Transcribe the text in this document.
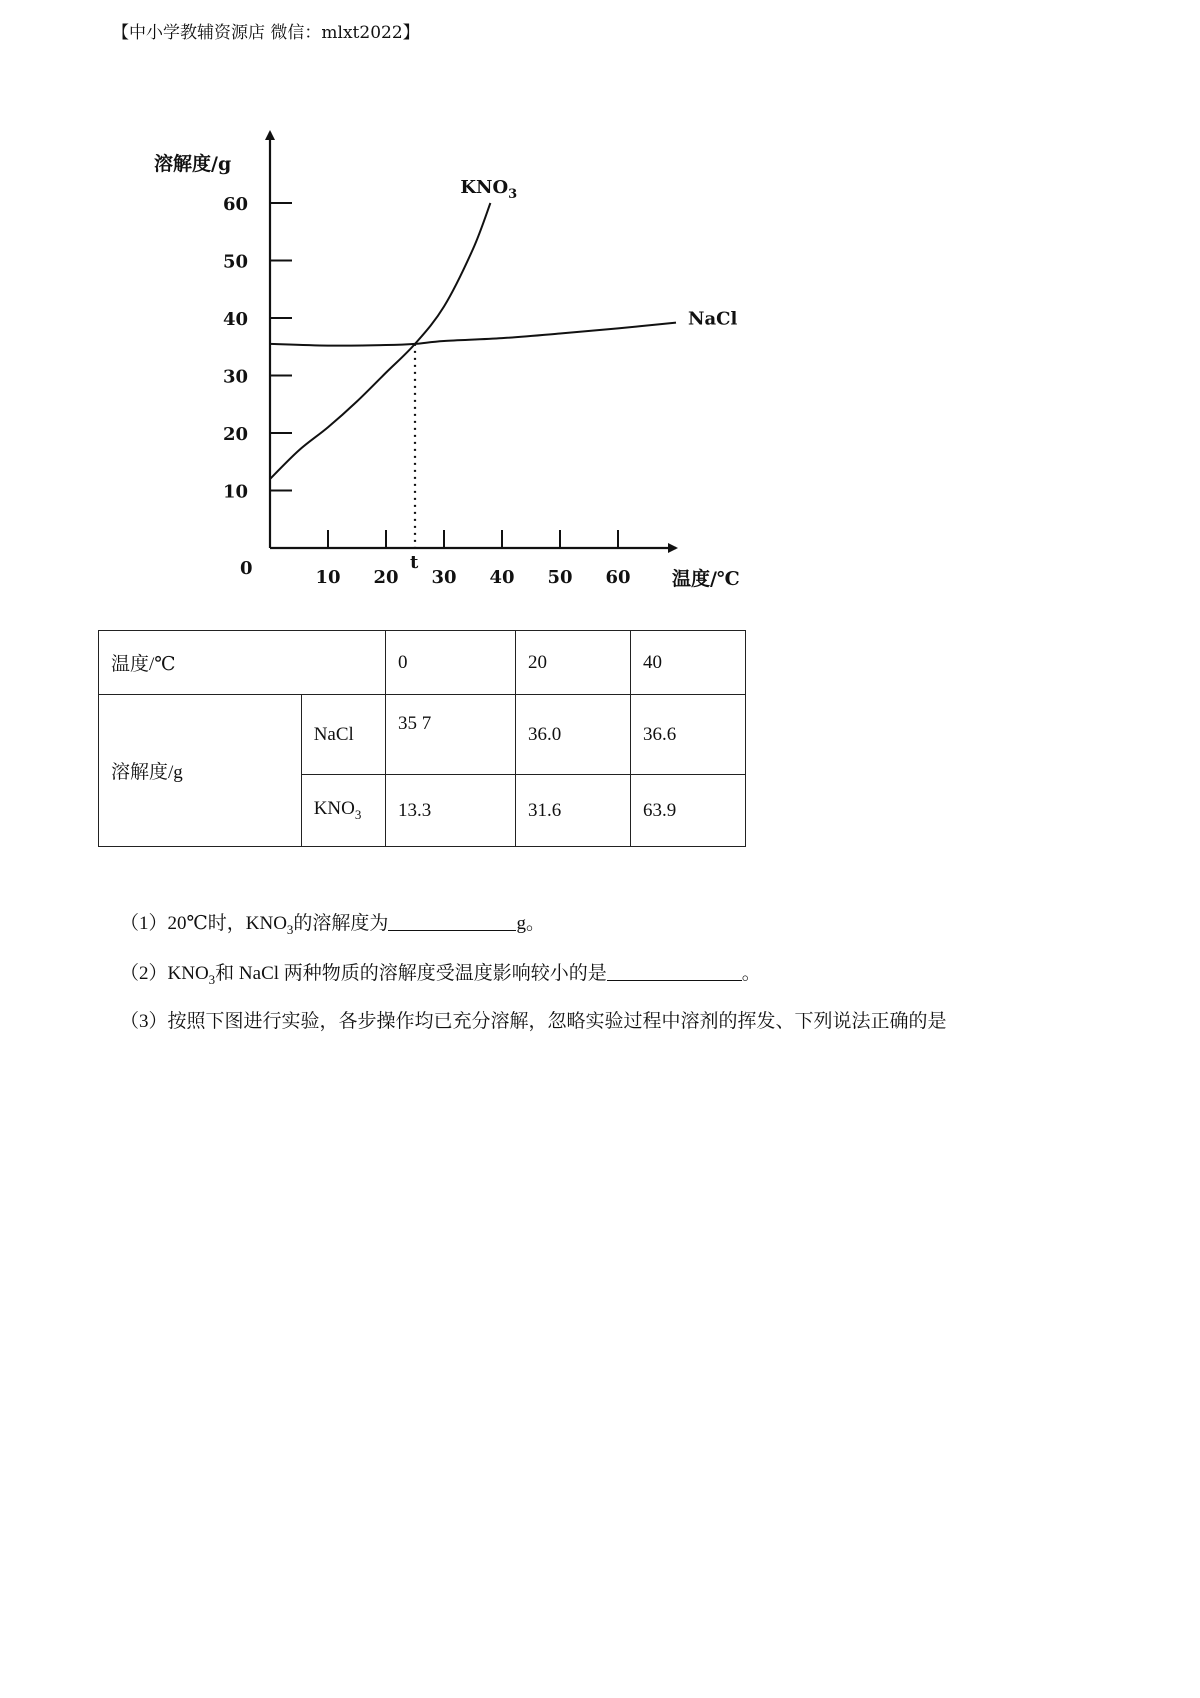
【中小学教辅资源店 微信：mlxt2022】
10
20
30
40
50
60
10 20 30 40 50 60
溶解度/g
温度/℃
0	t
$KNO_3$
NaCl
温度/℃		0	20	40
溶解度/g	NaCl	35 7	36.0	36.6
	$KNO_3$	13.3	31.6	63.9
（1）20℃时，$KNO_3$的溶解度为	g。
$(2)KNO_3$和 NaCl 两种物质的溶解度受温度影响较小的是	。
（3）按照下图进行实验，各步操作均已充分溶解，忽略实验过程中溶剂的挥发、下列说法正确的是
